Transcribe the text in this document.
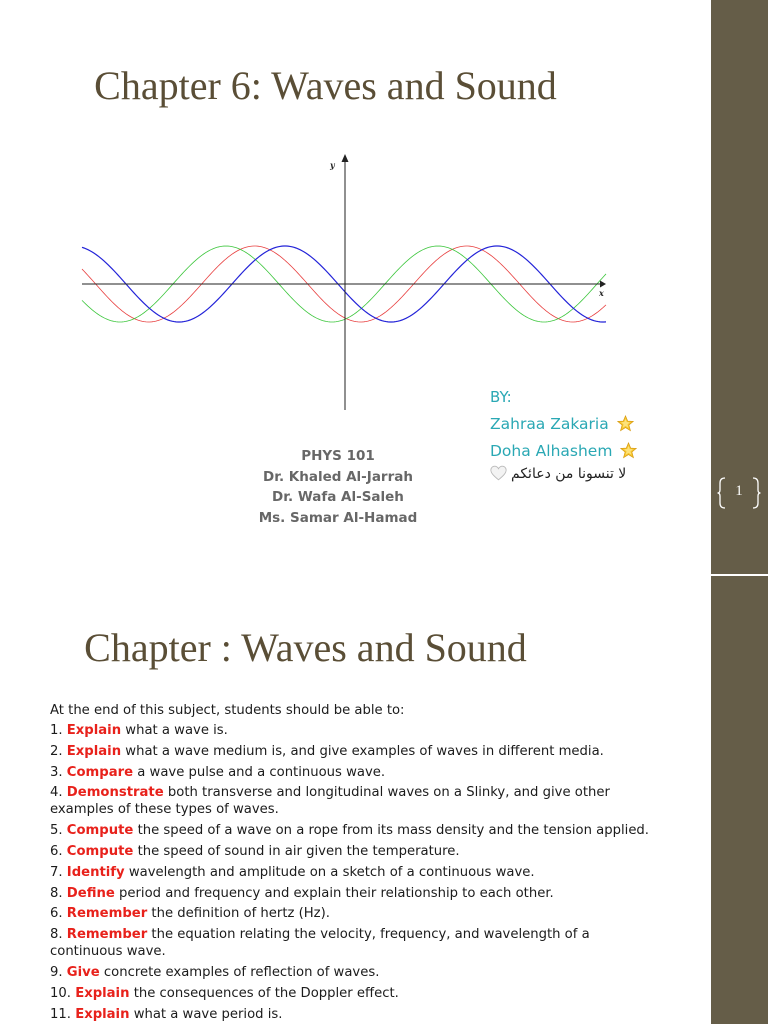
Chapter 6: Waves and Sound
x
y
PHYS 101
Dr. Khaled Al-Jarrah
Dr. Wafa Al-Saleh
Ms. Samar Al-Hamad
BY:
Zahraa Zakaria
Doha Alhashem
لا تنسونا من دعائكم
1
Chapter : Waves and Sound

At the end of this subject, students should be able to:

1. Explain what a wave is.

2. Explain what a wave medium is, and give examples of waves in different media.

3. Compare a wave pulse and a continuous wave.

4. Demonstrate both transverse and longitudinal waves on a Slinky, and give other examples of these types of waves.

5. Compute the speed of a wave on a rope from its mass density and the tension applied.

6. Compute the speed of sound in air given the temperature.

7. Identify wavelength and amplitude on a sketch of a continuous wave.

8. Define period and frequency and explain their relationship to each other.

6. Remember the definition of hertz (Hz).

8. Remember the equation relating the velocity, frequency, and wavelength of a continuous wave.

9. Give concrete examples of reflection of waves.

10. Explain the consequences of the Doppler effect.

11. Explain what a wave period is.
